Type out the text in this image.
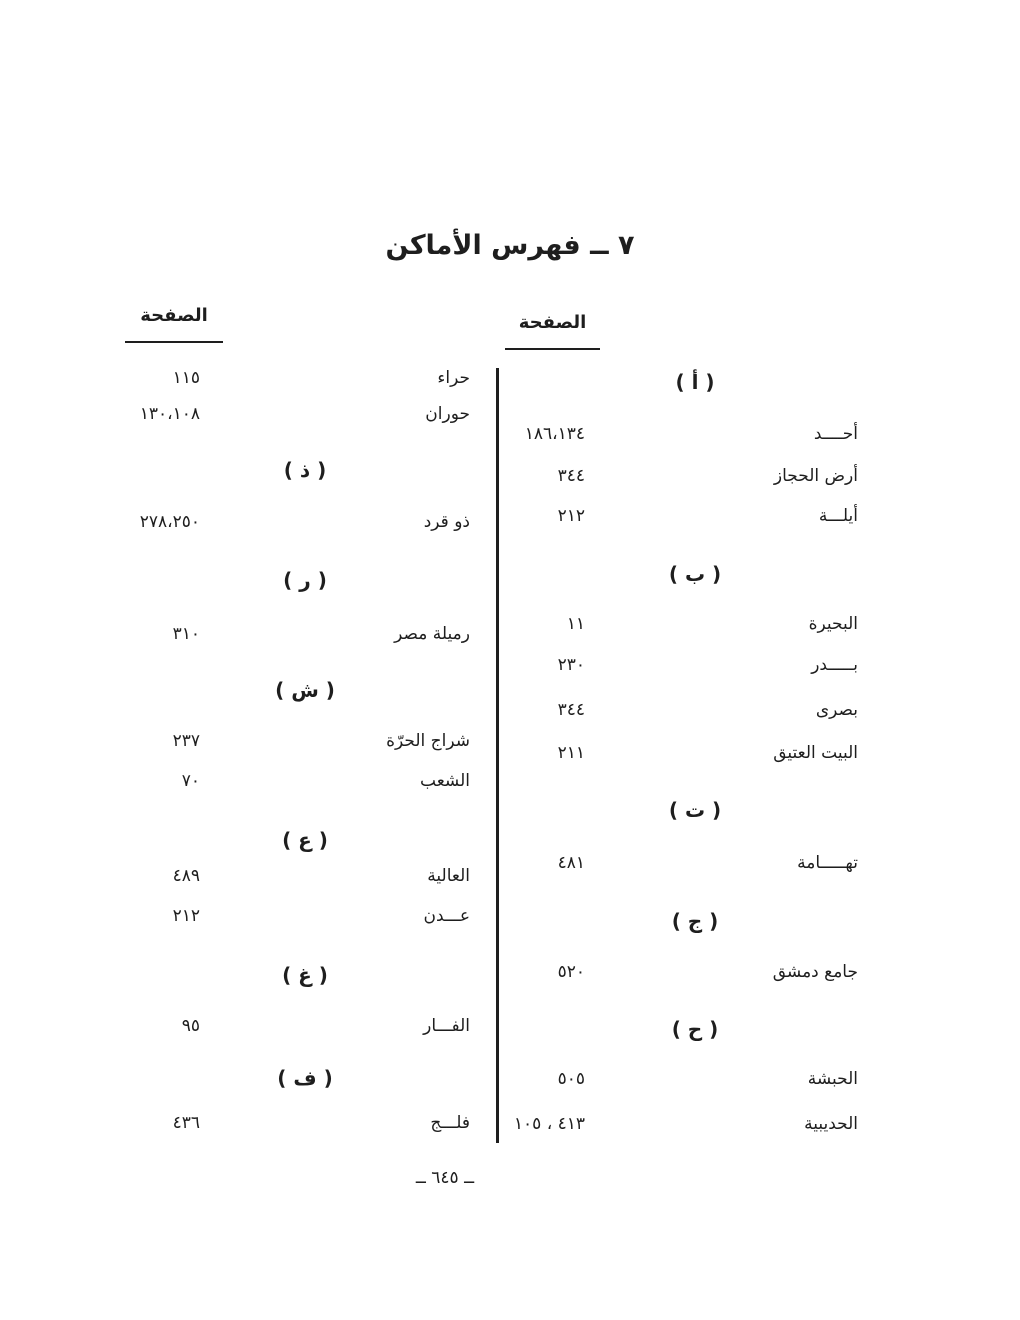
٧ ــ فهرس الأماكن
الصفحة
الصفحة
( أ )
أحــــد
١٨٦،١٣٤
أرض الحجاز
٣٤٤
أيلـــة
٢١٢
( ب )
البحيرة
١١
بـــــدر
٢٣٠
بصرى
٣٤٤
البيت العتيق
٢١١
( ت )
تهـــــامة
٤٨١
( ج )
جامع دمشق
٥٢٠
( ح )
الحبشة
٥٠٥
الحديبية
٤١٣ ، ١٠٥
حراء
١١٥
حوران
١٣٠،١٠٨
( ذ )
ذو قرد
٢٧٨،٢٥٠
( ر )
رميلة مصر
٣١٠
( ش )
شراج الحرّة
٢٣٧
الشعب
٧٠
( ع )
العالية
٤٨٩
عـــدن
٢١٢
( غ )
الفـــار
٩٥
( ف )
فلـــج
٤٣٦
ــ ٦٤٥ ــ
